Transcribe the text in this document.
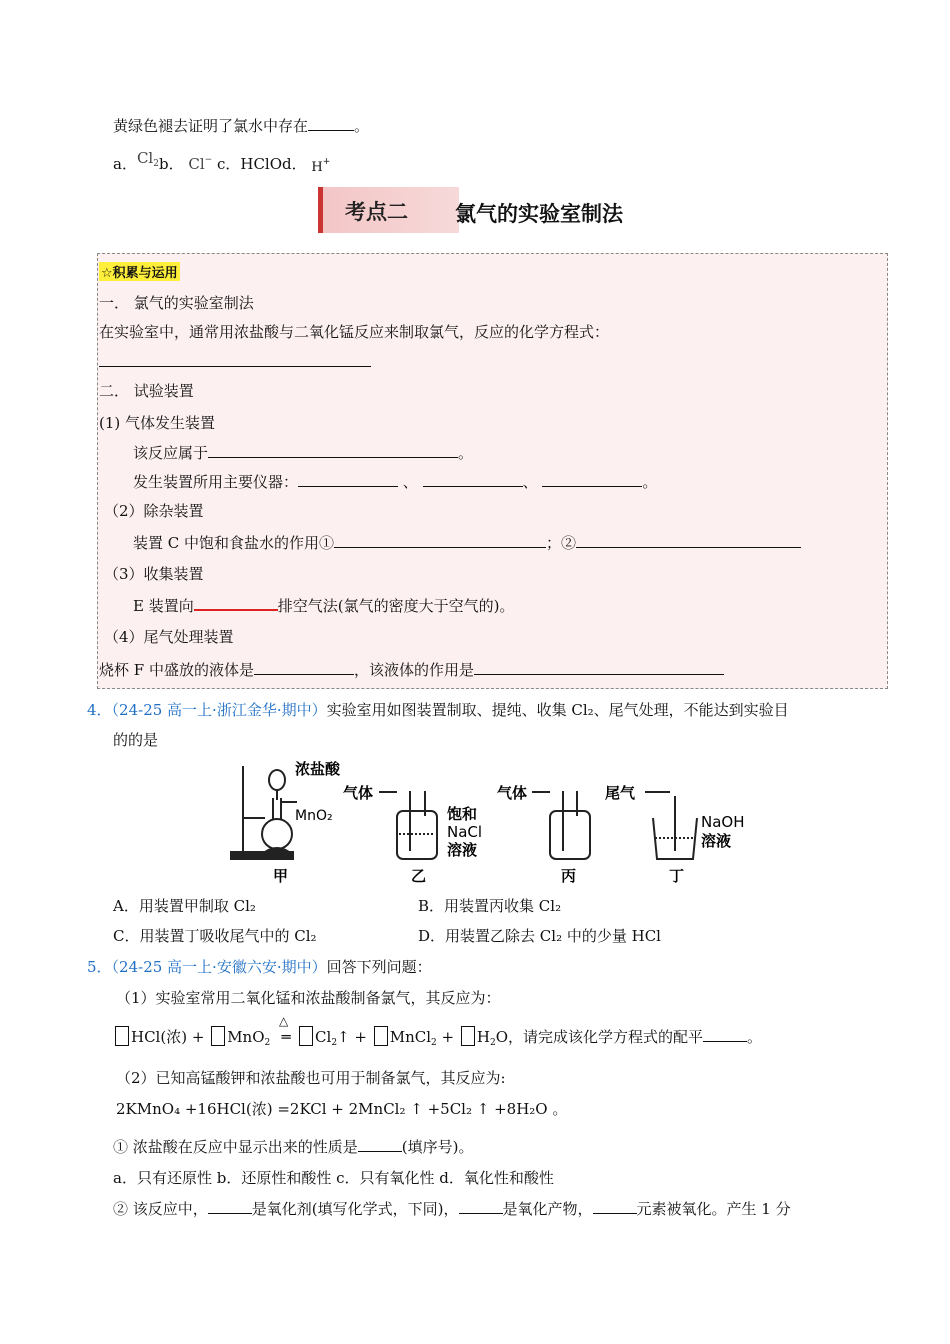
黄绿色褪去证明了氯水中存在	。
a．$Cl_2b$． Cl− c．HClOd． H+
考点二 氯气的实验室制法
☆积累与运用
一． 氯气的实验室制法
在实验室中，通常用浓盐酸与二氧化锰反应来制取氯气，反应的化学方程式：
二． 试验装置
(1) 气体发生装置
该反应属于	。
发生装置所用主要仪器：	、	、	。
（2）除杂装置
装置 C 中饱和食盐水的作用①	；②
（3）收集装置
E 装置向	排空气法(氯气的密度大于空气的)。
（4）尾气处理装置
烧杯 F 中盛放的液体是	，该液体的作用是
4．（24-25 高一上·浙江金华·期中）实验室用如图装置制取、提纯、收集 Cl₂、尾气处理，不能达到实验目
的的是
浓盐酸
MnO₂
气体
饱和
NaCl
溶液
气体	尾气
NaOH
溶液
甲	乙	丙	丁
A．用装置甲制取 Cl₂	B．用装置丙收集 Cl₂
C．用装置丁吸收尾气中的 Cl₂	D．用装置乙除去 Cl₂ 中的少量 HCl
5．（24-25 高一上·安徽六安·期中）回答下列问题：
（1）实验室常用二氧化锰和浓盐酸制备氯气，其反应为：
HCl(浓) + MnO$_2$
△
═ $Cl_2↑$ + MnCl$_2$ + $H_2O$，请完成该化学方程式的配平	。
（2）已知高锰酸钾和浓盐酸也可用于制备氯气，其反应为:
2KMnO₄ +16HCl(浓) =2KCl + 2MnCl₂ ↑ +5Cl₂ ↑ +8H₂O 。
① 浓盐酸在反应中显示出来的性质是	(填序号)。
a．只有还原性 b．还原性和酸性 c．只有氧化性 d．氧化性和酸性
② 该反应中，	是氧化剂(填写化学式，下同)，	是氧化产物，	元素被氧化。产生 1 分
